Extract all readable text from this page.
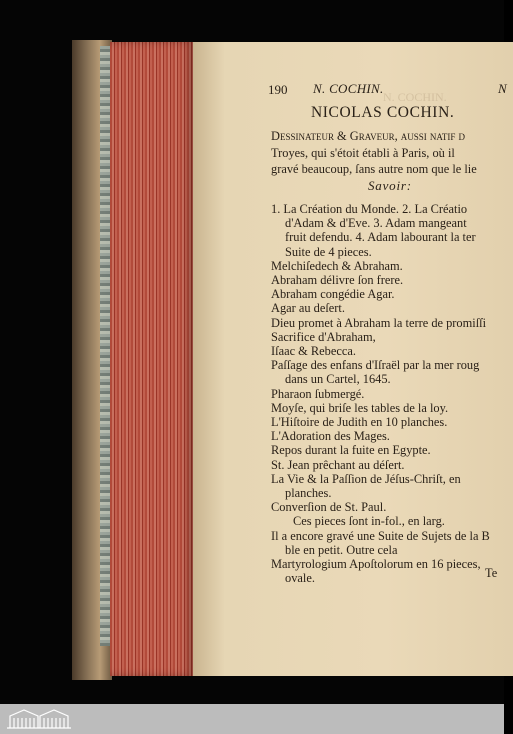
N. COCHIN.
190 N. COCHIN.	N
NICOLAS COCHIN.
Dessinateur & Graveur, auſſi natif d
Troyes, qui s'étoit établi à Paris, où il
gravé beaucoup, ſans autre nom que le lie
Savoir:
1. La Création du Monde. 2. La Créatio
d'Adam & d'Eve. 3. Adam mangeant
fruit defendu. 4. Adam labourant la ter
Suite de 4 pieces.
Melchiſedech & Abraham.
Abraham délivre ſon frere.
Abraham congédie Agar.
Agar au deſert.
Dieu promet à Abraham la terre de promiſſi
Sacrifice d'Abraham,
Iſaac & Rebecca.
Paſſage des enfans d'Iſraël par la mer roug
dans un Cartel, 1645.
Pharaon ſubmergé.
Moyſe, qui briſe les tables de la loy.
L'Hiſtoire de Judith en 10 planches.
L'Adoration des Mages.
Repos durant la fuite en Egypte.
St. Jean prêchant au déſert.
La Vie & la Paſſion de Jéſus-Chriſt, en
planches.
Converſion de St. Paul.
Ces pieces ſont in-fol., en larg.
Il a encore gravé une Suite de Sujets de la B
ble en petit. Outre cela
Martyrologium Apoſtolorum en 16 pieces,
ovale.	Te
